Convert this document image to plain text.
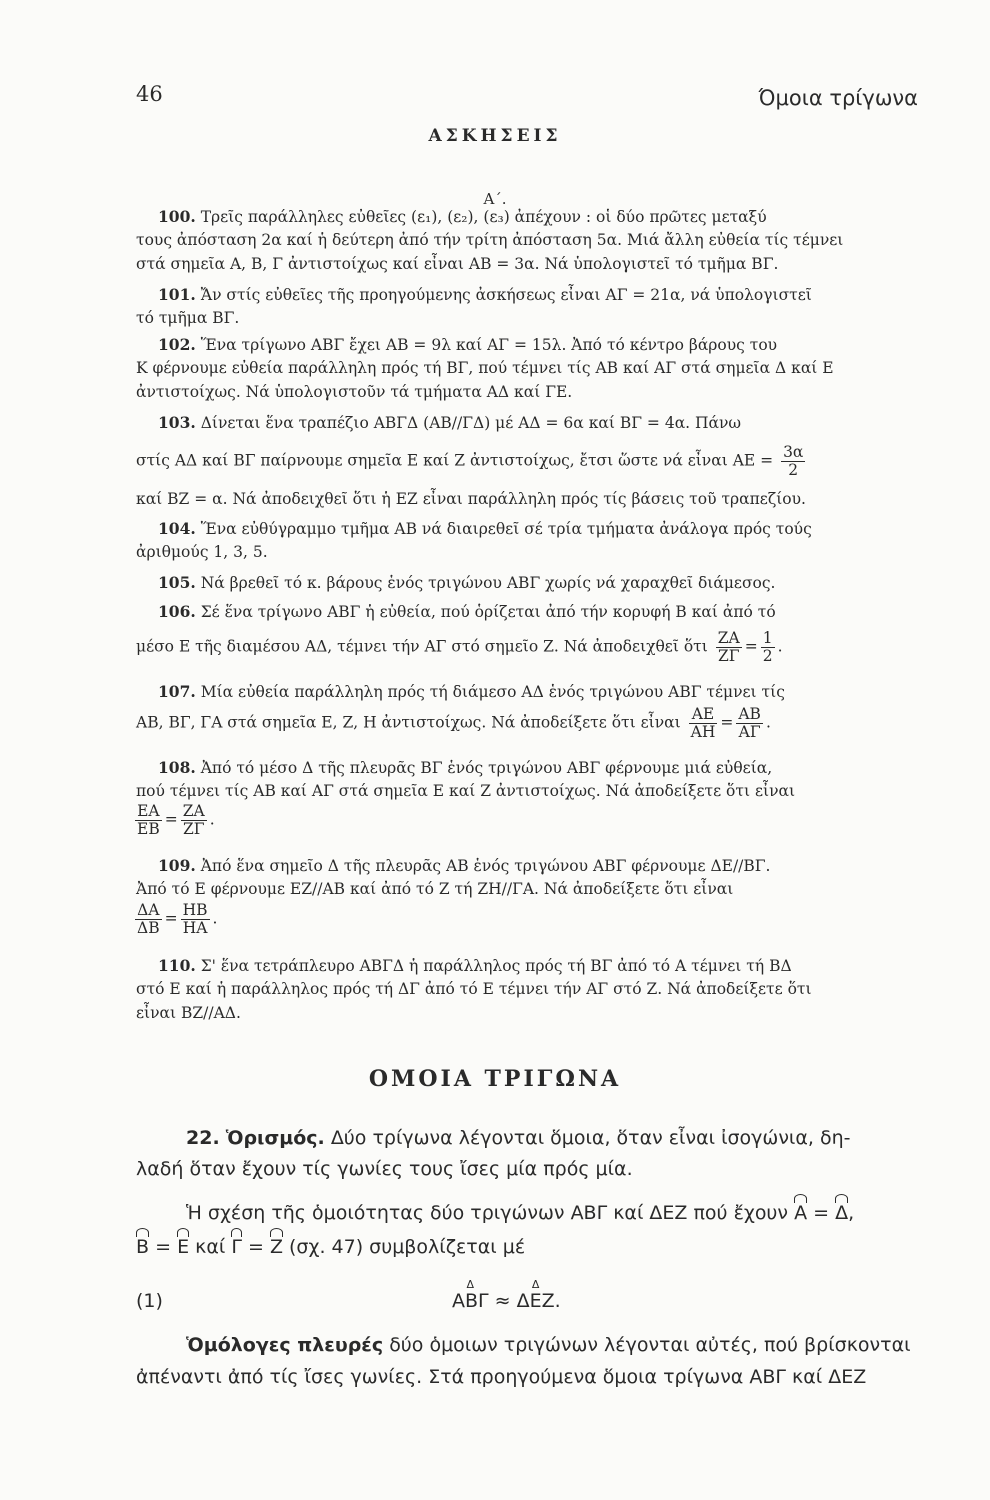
46	Όμοια τρίγωνα
ΑΣΚΗΣΕΙΣ
Α΄.
100. Τρεῖς παράλληλες εὐθεῖες (ε₁), (ε₂), (ε₃) ἀπέχουν : οἱ δύο πρῶτες μεταξύ
τους ἀπόσταση 2α καί ἡ δεύτερη ἀπό τήν τρίτη ἀπόσταση 5α. Μιά ἄλλη εὐθεία τίς τέμνει
στά σημεῖα Α, Β, Γ ἀντιστοίχως καί εἶναι ΑΒ = 3α. Νά ὑπολογιστεῖ τό τμῆμα ΒΓ.
101. Ἄν στίς εὐθεῖες τῆς προηγούμενης ἀσκήσεως εἶναι ΑΓ = 21α, νά ὑπολογιστεῖ
τό τμῆμα ΒΓ.
102. Ἕνα τρίγωνο ΑΒΓ ἔχει ΑΒ = 9λ καί ΑΓ = 15λ. Ἀπό τό κέντρο βάρους του
Κ φέρνουμε εὐθεία παράλληλη πρός τή ΒΓ, πού τέμνει τίς ΑΒ καί ΑΓ στά σημεῖα Δ καί Ε
ἀντιστοίχως. Νά ὑπολογιστοῦν τά τμήματα ΑΔ καί ΓΕ.
103. Δίνεται ἕνα τραπέζιο ΑΒΓΔ (ΑΒ//ΓΔ) μέ ΑΔ = 6α καί ΒΓ = 4α. Πάνω
στίς ΑΔ καί ΒΓ παίρνουμε σημεῖα Ε καί Ζ ἀντιστοίχως, ἔτσι ὥστε νά εἶναι $AE = \frac{3\alpha}{2}$
καί ΒΖ = α. Νά ἀποδειχθεῖ ὅτι ἡ ΕΖ εἶναι παράλληλη πρός τίς βάσεις τοῦ τραπεζίου.
104. Ἕνα εὐθύγραμμο τμῆμα ΑΒ νά διαιρεθεῖ σέ τρία τμήματα ἀνάλογα πρός τούς
ἀριθμούς 1, 3, 5.
105. Νά βρεθεῖ τό κ. βάρους ἑνός τριγώνου ΑΒΓ χωρίς νά χαραχθεῖ διάμεσος.
106. Σέ ἕνα τρίγωνο ΑΒΓ ἡ εὐθεία, πού ὁρίζεται ἀπό τήν κορυφή Β καί ἀπό τό
μέσο Ε τῆς διαμέσου ΑΔ, τέμνει τήν ΑΓ στό σημεῖο Ζ. Νά ἀποδειχθεῖ ὅτι $\frac{ZA}{Z\Gamma} = \frac{1}{2}$ .
107. Μία εὐθεία παράλληλη πρός τή διάμεσο ΑΔ ἑνός τριγώνου ΑΒΓ τέμνει τίς
ΑΒ, ΒΓ, ΓΑ στά σημεῖα Ε, Ζ, Η ἀντιστοίχως. Νά ἀποδείξετε ὅτι εἶναι $\frac{AE}{AH} = \frac{AB}{A\Gamma}$ .
108. Ἀπό τό μέσο Δ τῆς πλευρᾶς ΒΓ ἑνός τριγώνου ΑΒΓ φέρνουμε μιά εὐθεία,
πού τέμνει τίς ΑΒ καί ΑΓ στά σημεῖα Ε καί Ζ ἀντιστοίχως. Νά ἀποδείξετε ὅτι εἶναι
$\frac{EA}{EB} = \frac{ZA}{Z\Gamma}$ .
109. Ἀπό ἕνα σημεῖο Δ τῆς πλευρᾶς ΑΒ ἑνός τριγώνου ΑΒΓ φέρνουμε ΔΕ//ΒΓ.
Ἀπό τό Ε φέρνουμε ΕΖ//ΑΒ καί ἀπό τό Ζ τή ΖΗ//ΓΑ. Νά ἀποδείξετε ὅτι εἶναι
$\frac{\Delta A}{\Delta B} = \frac{HB}{HA}$ .
110. Σ' ἕνα τετράπλευρο ΑΒΓΔ ἡ παράλληλος πρός τή ΒΓ ἀπό τό Α τέμνει τή ΒΔ
στό Ε καί ἡ παράλληλος πρός τή ΔΓ ἀπό τό Ε τέμνει τήν ΑΓ στό Ζ. Νά ἀποδείξετε ὅτι
εἶναι ΒΖ//ΑΔ.
ΟΜΟΙΑ ΤΡΙΓΩΝΑ
22. Ὁρισμός. Δύο τρίγωνα λέγονται ὅμοια, ὅταν εἶναι ἰσογώνια, δη-
λαδή ὅταν ἔχουν τίς γωνίες τους ἴσες μία πρός μία.
Ἡ σχέση τῆς ὁμοιότητας δύο τριγώνων ΑΒΓ καί ΔΕΖ πού ἔχουν Α = Δ,
Β = Ε καί Γ = Ζ (σχ. 47) συμβολίζεται μέ
(1)	Δ ΑΒΓ ≈ Δ ΔΕΖ.
Ὁμόλογες πλευρές δύο ὁμοιων τριγώνων λέγονται αὐτές, πού βρίσκονται
ἀπέναντι ἀπό τίς ἴσες γωνίες. Στά προηγούμενα ὅμοια τρίγωνα ΑΒΓ καί ΔΕΖ
